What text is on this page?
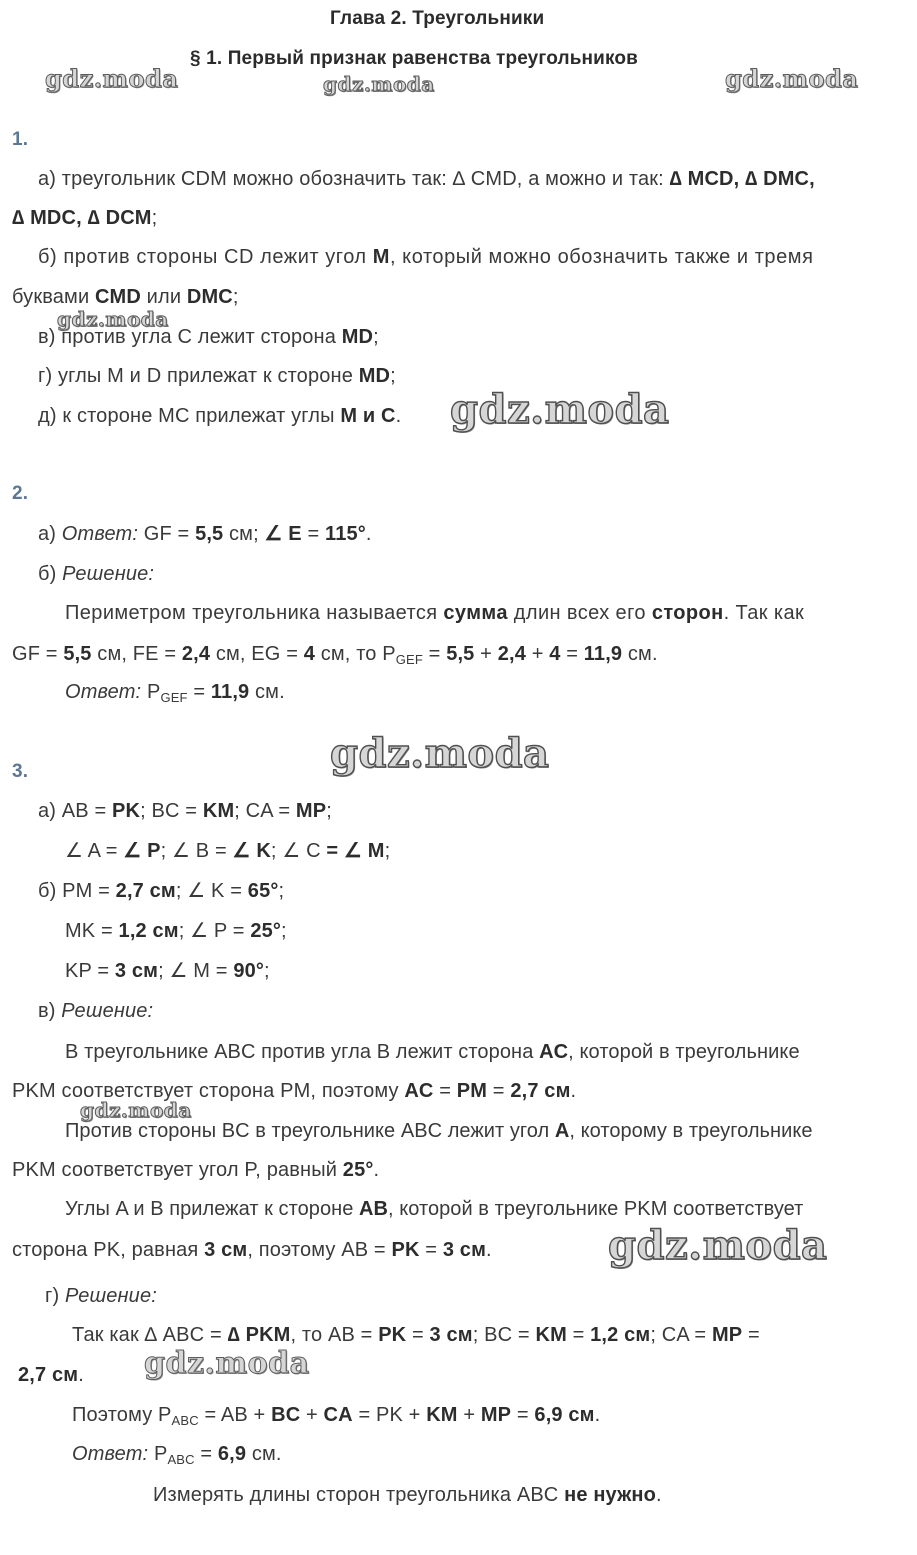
Глава 2. Треугольники
§ 1. Первый признак равенства треугольников
gdz.moda	gdz.moda	gdz.moda
gdz.moda
gdz.moda
gdz.moda
gdz.moda
gdz.moda
gdz.moda
1.
а) треугольник CDM можно обозначить так: ∆ CMD, а можно и так: ∆ MCD, ∆ DMC,
∆ MDC, ∆ DCM;
б) против стороны CD лежит угол M, который можно обозначить также и тремя
буквами CMD или DMC;
в) против угла C лежит сторона MD;
г) углы M и D прилежат к стороне MD;
д) к стороне MC прилежат углы M и C.
2.
а) Ответ: GF = 5,5 см; ∠ E = 115°.
б) Решение:
Периметром треугольника называется сумма длин всех его сторон. Так как
GF = 5,5 см, FE = 2,4 см, EG = 4 см, то $P_{GEF} = 5,5 + 2,4 + 4 = 11,9$ см.
Ответ: $P_{GEF} = 11,9$ см.
3.
а) AB = PK; BC = KM; CA = MP;
∠ A = ∠ P; ∠ B = ∠ K; ∠ C = ∠ M;
б) PM = 2,7 см; ∠ K = 65°;
MK = 1,2 см; ∠ P = 25°;
KP = 3 см; ∠ M = 90°;
в) Решение:
В треугольнике ABC против угла B лежит сторона AC, которой в треугольнике
PKM соответствует сторона PM, поэтому AC = PM = 2,7 см.
Против стороны BC в треугольнике ABC лежит угол A, которому в треугольнике
PKM соответствует угол P, равный 25°.
Углы A и B прилежат к стороне AB, которой в треугольнике PKM соответствует
сторона PK, равная 3 см, поэтому AB = PK = 3 см.
г) Решение:
Так как ∆ ABC = ∆ PKM, то AB = PK = 3 см; BC = KM = 1,2 см; CA = MP =
2,7 см.
Поэтому $P_{ABC}$ = AB + BC + CA = PK + KM + MP = 6,9 см.
Ответ: $P_{ABC} = 6,9$ см.
Измерять длины сторон треугольника ABC не нужно.
